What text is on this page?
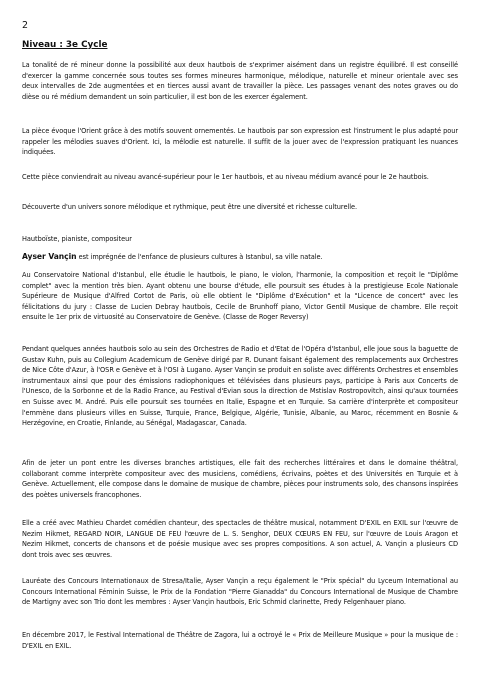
2
Niveau : 3e Cycle

La tonalité de ré mineur donne la possibilité aux deux hautbois de s'exprimer aisément dans un registre équilibré. Il est conseillé d'exercer la gamme concernée sous toutes ses formes mineures harmonique, mélodique, naturelle et mineur orientale avec ses deux intervalles de 2de augmentées et en tierces aussi avant de travailler la pièce. Les passages venant des notes graves ou do dièse ou ré médium demandent un soin particulier, il est bon de les exercer également.

La pièce évoque l'Orient grâce à des motifs souvent ornementés. Le hautbois par son expression est l'instrument le plus adapté pour rappeler les mélodies suaves d'Orient. Ici, la mélodie est naturelle. Il suffit de la jouer avec de l'expression pratiquant les nuances indiquées.

Cette pièce conviendrait au niveau avancé-supérieur pour le 1er hautbois, et au niveau médium avancé pour le 2e hautbois.

Découverte d'un univers sonore mélodique et rythmique, peut être une diversité et richesse culturelle.

Hautboïste, pianiste, compositeur

Ayser Vançin est imprégnée de l'enfance de plusieurs cultures à Istanbul, sa ville natale.

Au Conservatoire National d'Istanbul, elle étudie le hautbois, le piano, le violon, l'harmonie, la composition et reçoit le "Diplôme complet" avec la mention très bien. Ayant obtenu une bourse d'étude, elle poursuit ses études à la prestigieuse Ecole Nationale Supérieure de Musique d'Alfred Cortot de Paris, où elle obtient le "Diplôme d'Exécution" et la "Licence de concert" avec les félicitations du jury : Classe de Lucien Debray hautbois, Cecile de Brunhoff piano, Victor Gentil Musique de chambre. Elle reçoit ensuite le 1er prix de virtuosité au Conservatoire de Genève. (Classe de Roger Reversy)

Pendant quelques années hautbois solo au sein des Orchestres de Radio et d'Etat de l'Opéra d'Istanbul, elle joue sous la baguette de Gustav Kuhn, puis au Collegium Academicum de Genève dirigé par R. Dunant faisant également des remplacements aux Orchestres de Nice Côte d'Azur, à l'OSR e Genève et à l'OSI à Lugano. Ayser Vançin se produit en soliste avec différents Orchestres et ensembles instrumentaux ainsi que pour des émissions radiophoniques et télévisées dans plusieurs pays, participe à Paris aux Concerts de l'Unesco, de la Sorbonne et de la Radio France, au Festival d'Evian sous la direction de Mstislav Rostropovitch, ainsi qu'aux tournées en Suisse avec M. André. Puis elle poursuit ses tournées en Italie, Espagne et en Turquie. Sa carrière d'interprète et compositeur l'emmène dans plusieurs villes en Suisse, Turquie, France, Belgique, Algérie, Tunisie, Albanie, au Maroc, récemment en Bosnie & Herzégovine, en Croatie, Finlande, au Sénégal, Madagascar, Canada.

Afin de jeter un pont entre les diverses branches artistiques, elle fait des recherches littéraires et dans le domaine théâtral, collaborant comme interprète compositeur avec des musiciens, comédiens, écrivains, poètes et des Universités en Turquie et à Genève. Actuellement, elle compose dans le domaine de musique de chambre, pièces pour instruments solo, des chansons inspirées des poètes universels francophones.

Elle a créé avec Mathieu Chardet comédien chanteur, des spectacles de théâtre musical, notamment D'EXIL en EXIL sur l'œuvre de Nezim Hikmet, REGARD NOIR, LANGUE DE FEU l'œuvre de L. S. Senghor, DEUX CŒURS EN FEU, sur l'œuvre de Louis Aragon et Nezim Hikmet, concerts de chansons et de poésie musique avec ses propres compositions. A son actuel, A. Vançin a plusieurs CD dont trois avec ses œuvres.

Lauréate des Concours Internationaux de Stresa/Italie, Ayser Vançin a reçu également le "Prix spécial" du Lyceum International au Concours International Féminin Suisse, le Prix de la Fondation "Pierre Gianadda" du Concours International de Musique de Chambre de Martigny avec son Trio dont les membres : Ayser Vançin hautbois, Eric Schmid clarinette, Fredy Felgenhauer piano.

En décembre 2017, le Festival International de Théâtre de Zagora, lui a octroyé le « Prix de Meilleure Musique » pour la musique de : D'EXIL en EXIL.
